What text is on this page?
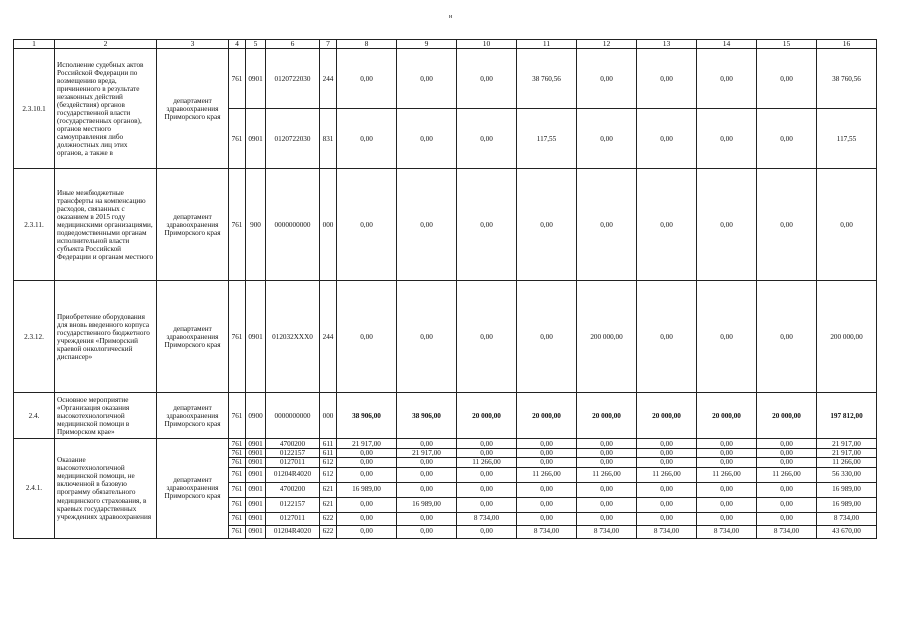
н
1	2	3	4	5	6	7	8	9	10	11	12	13	14	15	16
2.3.10.1	Исполнение судебных актов Российской Федерации по возмещению вреда, причиненного в результате незаконных действий (бездействия) органов государственной власти (государственных органов), органов местного самоуправления либо должностных лиц этих органов, а также в	департамент здравоохранения Приморского края	761	0901	0120722030	244	0,00	0,00	0,00	38 760,56	0,00	0,00	0,00	0,00	38 760,56
			761	0901	0120722030	831	0,00	0,00	0,00	117,55	0,00	0,00	0,00	0,00	117,55
2.3.11.	Иные межбюджетные трансферты на компенсацию расходов, связанных с оказанием в 2015 году медицинскими организациями, подведомственными органам исполнительной власти субъекта Российской Федерации и органам местного	департамент здравоохранения Приморского края	761	900	0000000000	000	0,00	0,00	0,00	0,00	0,00	0,00	0,00	0,00	0,00
2.3.12.	Приобретение оборудования для вновь введенного корпуса государственного бюджетного учреждения «Приморский краевой онкологический диспансер»	департамент здравоохранения Приморского края	761	0901	012032XXX0	244	0,00	0,00	0,00	0,00	200 000,00	0,00	0,00	0,00	200 000,00
2.4.	Основное мероприятие «Организация оказания высокотехнологичной медицинской помощи в Приморском крае»	департамент здравоохранения Приморского края	761	0900	0000000000	000	38 906,00	38 906,00	20 000,00	20 000,00	20 000,00	20 000,00	20 000,00	20 000,00	197 812,00
2.4.1.	Оказание высокотехнологичной медицинской помощи, не включенной в базовую программу обязательного медицинского страхования, в краевых государственных учреждениях здравоохранения	департамент здравоохранения Приморского края	761	0901	4700200	611	21 917,00	0,00	0,00	0,00	0,00	0,00	0,00	0,00	21 917,00
			761	0901	0122157	611	0,00	21 917,00	0,00	0,00	0,00	0,00	0,00	0,00	21 917,00
			761	0901	0127011	612	0,00	0,00	11 266,00	0,00	0,00	0,00	0,00	0,00	11 266,00
			761	0901	01204R4020	612	0,00	0,00	0,00	11 266,00	11 266,00	11 266,00	11 266,00	11 266,00	56 330,00
			761	0901	4700200	621	16 989,00	0,00	0,00	0,00	0,00	0,00	0,00	0,00	16 989,00
			761	0901	0122157	621	0,00	16 989,00	0,00	0,00	0,00	0,00	0,00	0,00	16 989,00
			761	0901	0127011	622	0,00	0,00	8 734,00	0,00	0,00	0,00	0,00	0,00	8 734,00
			761	0901	01204R4020	622	0,00	0,00	0,00	8 734,00	8 734,00	8 734,00	8 734,00	8 734,00	43 670,00
